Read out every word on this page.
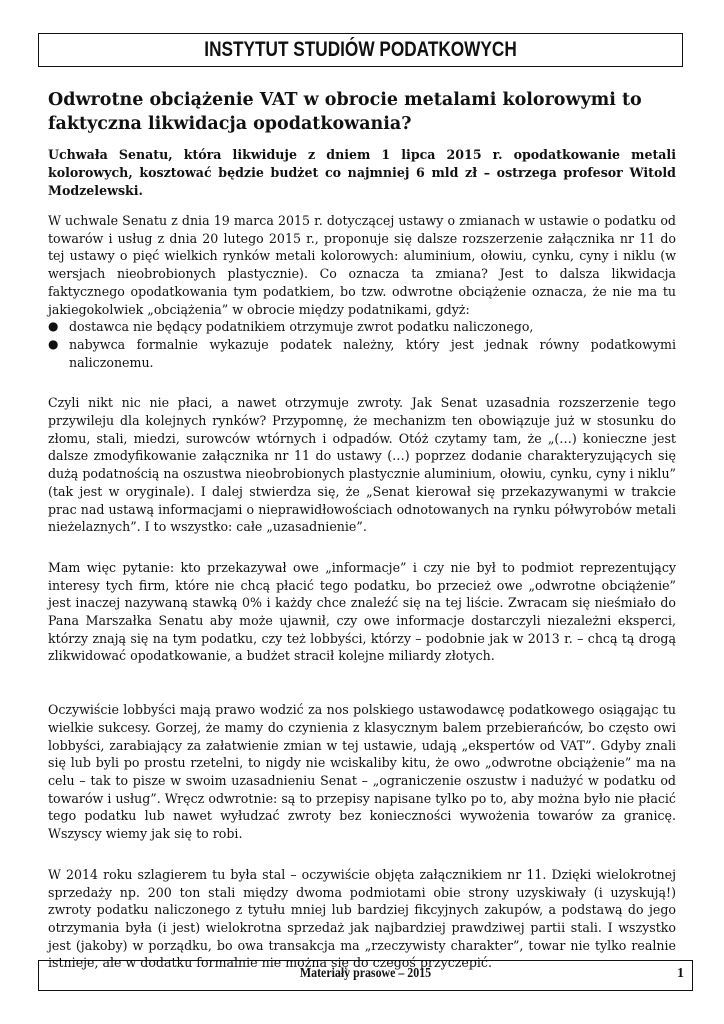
INSTYTUT STUDIÓW PODATKOWYCH
Odwrotne obciążenie VAT w obrocie metalami kolorowymi to faktyczna likwidacja opodatkowania?

Uchwała Senatu, która likwiduje z dniem 1 lipca 2015 r. opodatkowanie metali kolorowych, kosztować będzie budżet co najmniej 6 mld zł – ostrzega profesor Witold Modzelewski.

W uchwale Senatu z dnia 19 marca 2015 r. dotyczącej ustawy o zmianach w ustawie o podatku od towarów i usług z dnia 20 lutego 2015 r., proponuje się dalsze rozszerzenie załącznika nr 11 do tej ustawy o pięć wielkich rynków metali kolorowych: aluminium, ołowiu, cynku, cyny i niklu (w wersjach nieobrobionych plastycznie). Co oznacza ta zmiana? Jest to dalsza likwidacja faktycznego opodatkowania tym podatkiem, bo tzw. odwrotne obciążenie oznacza, że nie ma tu jakiegokolwiek „obciążenia” w obrocie między podatnikami, gdyż:

● dostawca nie będący podatnikiem otrzymuje zwrot podatku naliczonego,
● nabywca formalnie wykazuje podatek należny, który jest jednak równy podatkowymi naliczonemu.

Czyli nikt nic nie płaci, a nawet otrzymuje zwroty. Jak Senat uzasadnia rozszerzenie tego przywileju dla kolejnych rynków? Przypomnę, że mechanizm ten obowiązuje już w stosunku do złomu, stali, miedzi, surowców wtórnych i odpadów. Otóż czytamy tam, że „(…) konieczne jest dalsze zmodyfikowanie załącznika nr 11 do ustawy (…) poprzez dodanie charakteryzujących się dużą podatnością na oszustwa nieobrobionych plastycznie aluminium, ołowiu, cynku, cyny i niklu” (tak jest w oryginale). I dalej stwierdza się, że „Senat kierował się przekazywanymi w trakcie prac nad ustawą informacjami o nieprawidłowościach odnotowanych na rynku półwyrobów metali nieżelaznych”. I to wszystko: całe „uzasadnienie”.

Mam więc pytanie: kto przekazywał owe „informacje” i czy nie był to podmiot reprezentujący interesy tych firm, które nie chcą płacić tego podatku, bo przecież owe „odwrotne obciążenie” jest inaczej nazywaną stawką 0% i każdy chce znaleźć się na tej liście. Zwracam się nieśmiało do Pana Marszałka Senatu aby może ujawnił, czy owe informacje dostarczyli niezależni eksperci, którzy znają się na tym podatku, czy też lobbyści, którzy – podobnie jak w 2013 r. – chcą tą drogą zlikwidować opodatkowanie, a budżet stracił kolejne miliardy złotych.

Oczywiście lobbyści mają prawo wodzić za nos polskiego ustawodawcę podatkowego osiągając tu wielkie sukcesy. Gorzej, że mamy do czynienia z klasycznym balem przebierańców, bo często owi lobbyści, zarabiający za załatwienie zmian w tej ustawie, udają „ekspertów od VAT”. Gdyby znali się lub byli po prostu rzetelni, to nigdy nie wciskaliby kitu, że owo „odwrotne obciążenie” ma na celu – tak to pisze w swoim uzasadnieniu Senat – „ograniczenie oszustw i nadużyć w podatku od towarów i usług”. Wręcz odwrotnie: są to przepisy napisane tylko po to, aby można było nie płacić tego podatku lub nawet wyłudzać zwroty bez konieczności wywożenia towarów za granicę. Wszyscy wiemy jak się to robi.

W 2014 roku szlagierem tu była stal – oczywiście objęta załącznikiem nr 11. Dzięki wielokrotnej sprzedaży np. 200 ton stali między dwoma podmiotami obie strony uzyskiwały (i uzyskują!) zwroty podatku naliczonego z tytułu mniej lub bardziej fikcyjnych zakupów, a podstawą do jego otrzymania była (i jest) wielokrotna sprzedaż jak najbardziej prawdziwej partii stali. I wszystko jest (jakoby) w porządku, bo owa transakcja ma „rzeczywisty charakter”, towar nie tylko realnie istnieje, ale w dodatku formalnie nie można się do czegoś przyczepić.

Materiały prasowe – 2015	1
